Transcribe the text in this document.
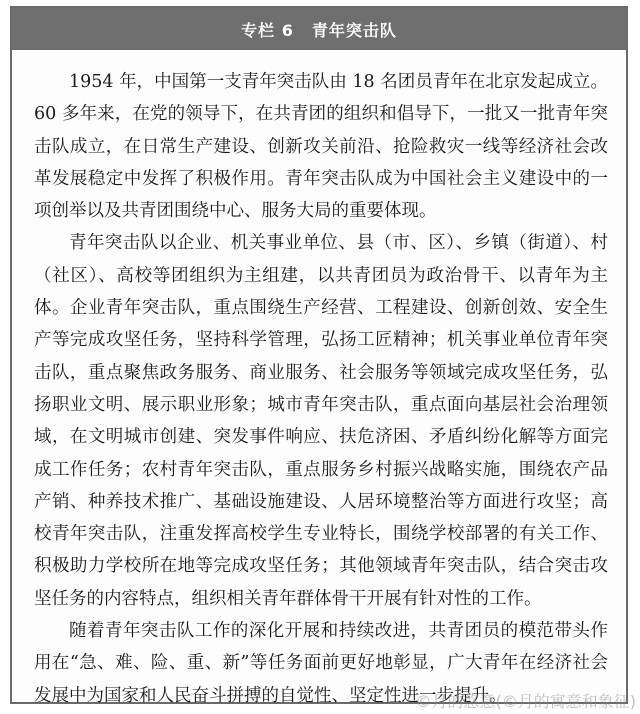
专栏 6 青年突击队

1954 年，中国第一支青年突击队由 18 名团员青年在北京发起成立。60 多年来，在党的领导下，在共青团的组织和倡导下，一批又一批青年突击队成立，在日常生产建设、创新攻关前沿、抢险救灾一线等经济社会改革发展稳定中发挥了积极作用。青年突击队成为中国社会主义建设中的一项创举以及共青团围绕中心、服务大局的重要体现。

青年突击队以企业、机关事业单位、县（市、区）、乡镇（街道）、村（社区）、高校等团组织为主组建，以共青团员为政治骨干、以青年为主体。企业青年突击队，重点围绕生产经营、工程建设、创新创效、安全生产等完成攻坚任务，坚持科学管理，弘扬工匠精神；机关事业单位青年突击队，重点聚焦政务服务、商业服务、社会服务等领域完成攻坚任务，弘扬职业文明、展示职业形象；城市青年突击队，重点面向基层社会治理领域，在文明城市创建、突发事件响应、扶危济困、矛盾纠纷化解等方面完成工作任务；农村青年突击队，重点服务乡村振兴战略实施，围绕农产品产销、种养技术推广、基础设施建设、人居环境整治等方面进行攻坚；高校青年突击队，注重发挥高校学生专业特长，围绕学校部署的有关工作、积极助力学校所在地等完成攻坚任务；其他领域青年突击队，结合突击攻坚任务的内容特点，组织相关青年群体骨干开展有针对性的工作。

随着青年突击队工作的深化开展和持续改进，共青团员的模范带头作用在“急、难、险、重、新”等任务面前更好地彰显，广大青年在经济社会发展中为国家和人民奋斗拼搏的自觉性、坚定性进一步提升。

©月的悠意(©月的寓意和象征)
